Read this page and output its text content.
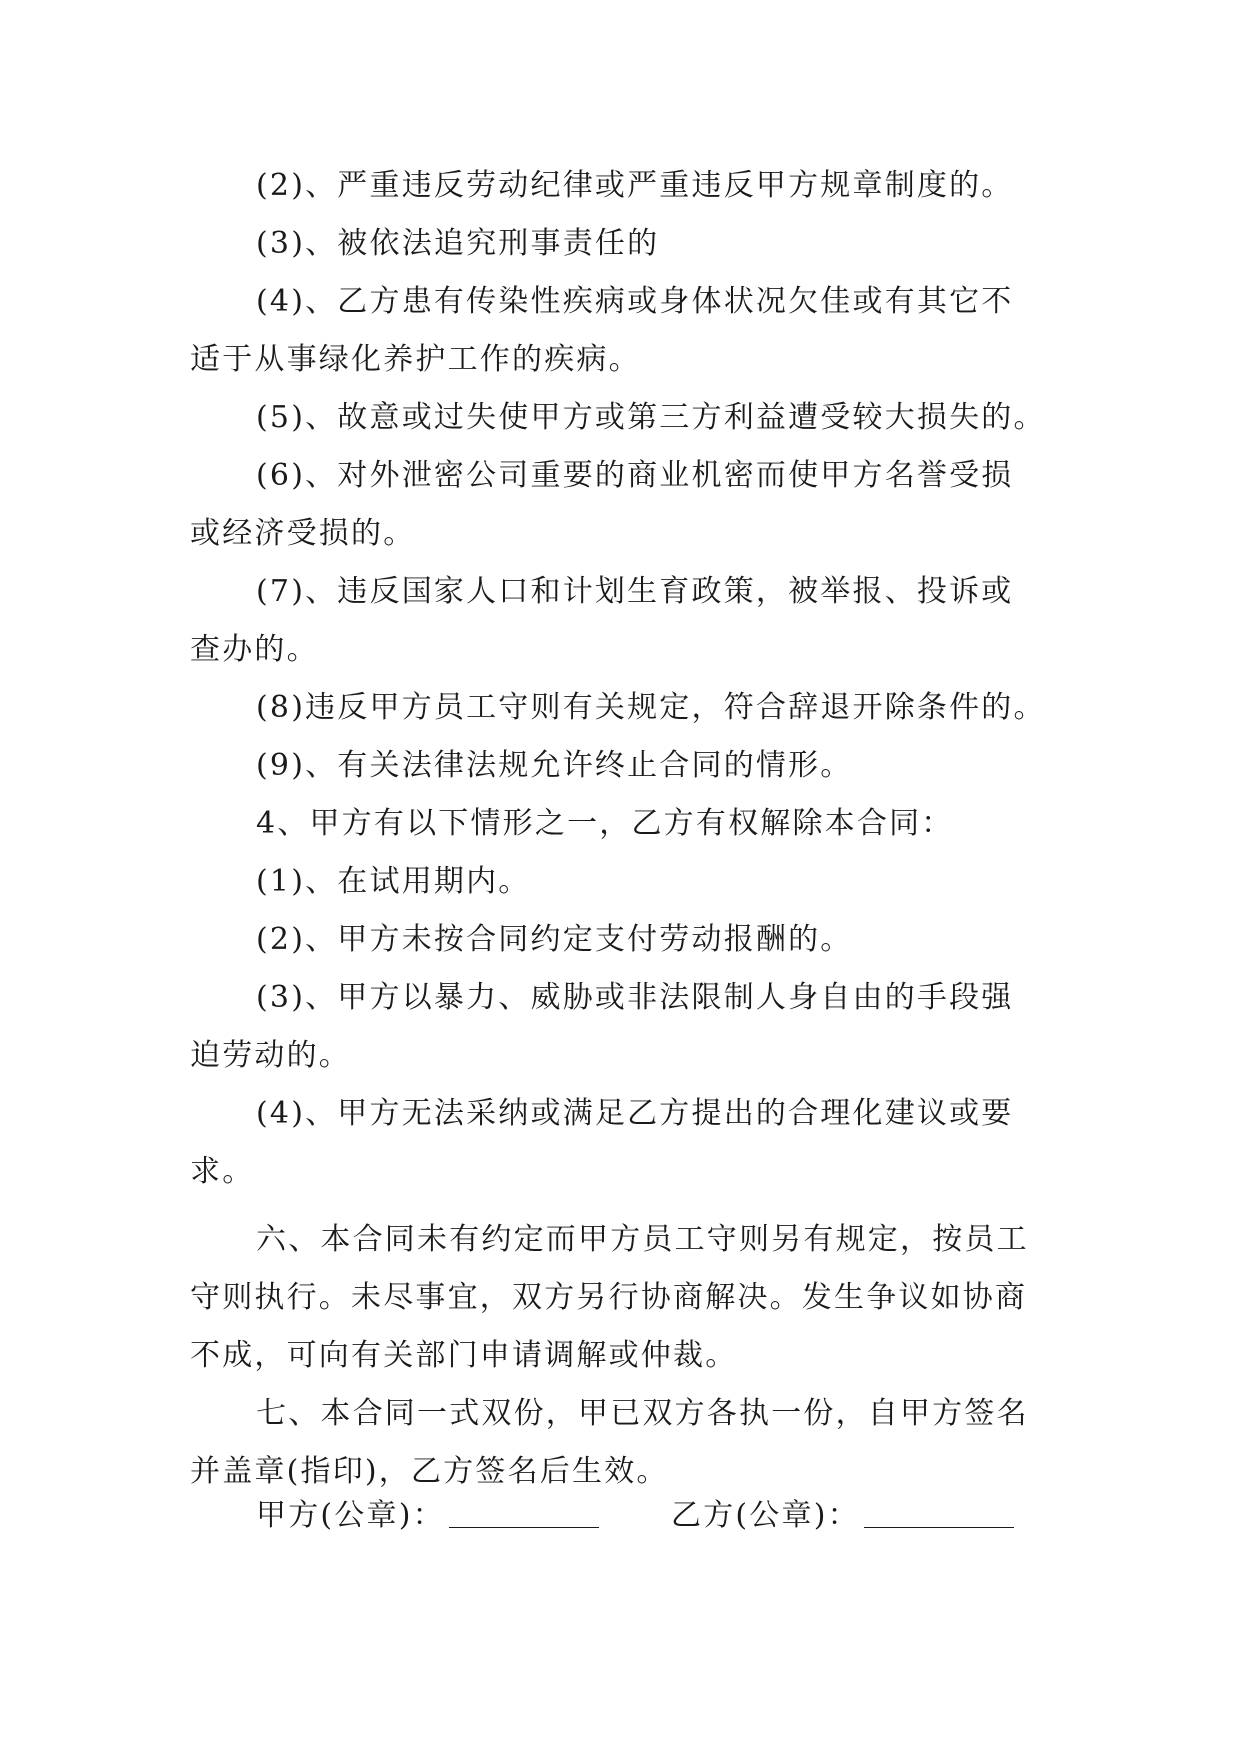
(2)、严重违反劳动纪律或严重违反甲方规章制度的。

(3)、被依法追究刑事责任的

(4)、乙方患有传染性疾病或身体状况欠佳或有其它不

适于从事绿化养护工作的疾病。

(5)、故意或过失使甲方或第三方利益遭受较大损失的。

(6)、对外泄密公司重要的商业机密而使甲方名誉受损

或经济受损的。

(7)、违反国家人口和计划生育政策，被举报、投诉或

查办的。

(8)违反甲方员工守则有关规定，符合辞退开除条件的。

(9)、有关法律法规允许终止合同的情形。

4、甲方有以下情形之一，乙方有权解除本合同：

(1)、在试用期内。

(2)、甲方未按合同约定支付劳动报酬的。

(3)、甲方以暴力、威胁或非法限制人身自由的手段强

迫劳动的。

(4)、甲方无法采纳或满足乙方提出的合理化建议或要

求。

六、本合同未有约定而甲方员工守则另有规定，按员工

守则执行。未尽事宜，双方另行协商解决。发生争议如协商

不成，可向有关部门申请调解或仲裁。

七、本合同一式双份，甲已双方各执一份，自甲方签名

并盖章(指印)，乙方签名后生效。

甲方(公章)：	乙方(公章)：
